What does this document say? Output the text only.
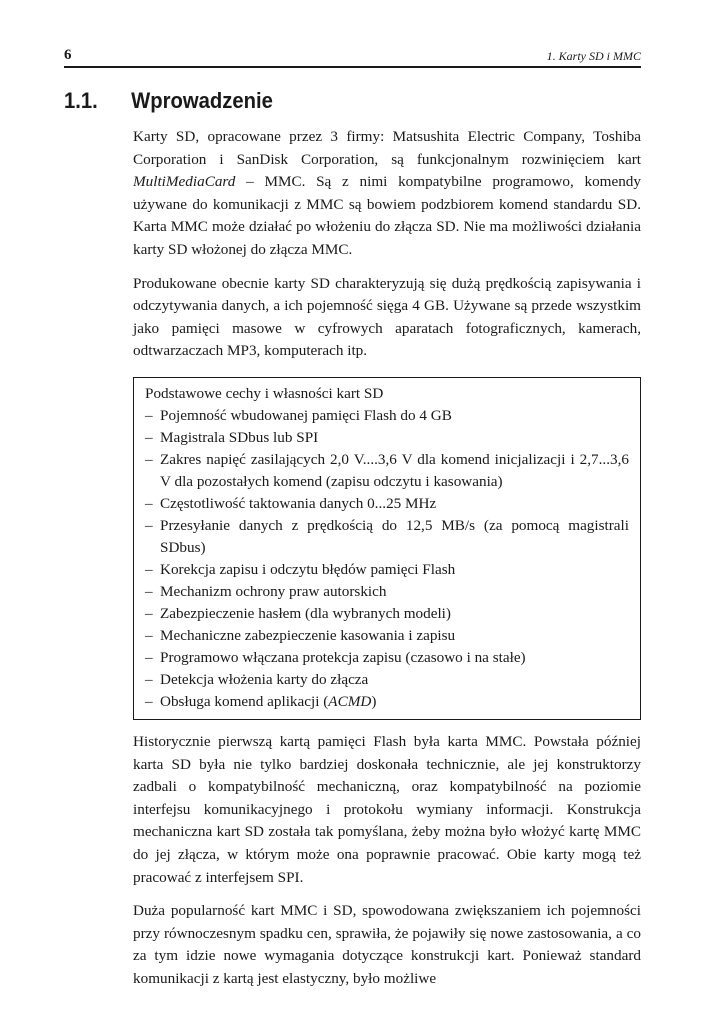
6	1. Karty SD i MMC
1.1.	Wprowadzenie

Karty SD, opracowane przez 3 firmy: Matsushita Electric Company, Toshiba Corporation i SanDisk Corporation, są funkcjonalnym rozwinięciem kart MultiMediaCard – MMC. Są z nimi kompatybilne programowo, komendy używane do komunikacji z MMC są bowiem podzbiorem komend standardu SD. Karta MMC może działać po włożeniu do złącza SD. Nie ma możliwości działania karty SD włożonej do złącza MMC.

Produkowane obecnie karty SD charakteryzują się dużą prędkością zapisywania i odczytywania danych, a ich pojemność sięga 4 GB. Używane są przede wszystkim jako pamięci masowe w cyfrowych aparatach fotograficznych, kamerach, odtwarzaczach MP3, komputerach itp.

Podstawowe cechy i własności kart SD
– Pojemność wbudowanej pamięci Flash do 4 GB
– Magistrala SDbus lub SPI
– Zakres napięć zasilających 2,0 V....3,6 V dla komend inicjalizacji i 2,7...3,6 V dla pozostałych komend (zapisu odczytu i kasowania)
– Częstotliwość taktowania danych 0...25 MHz
– Przesyłanie danych z prędkością do 12,5 MB/s (za pomocą magistrali SDbus)
– Korekcja zapisu i odczytu błędów pamięci Flash
– Mechanizm ochrony praw autorskich
– Zabezpieczenie hasłem (dla wybranych modeli)
– Mechaniczne zabezpieczenie kasowania i zapisu
– Programowo włączana protekcja zapisu (czasowo i na stałe)
– Detekcja włożenia karty do złącza
– Obsługa komend aplikacji (ACMD)

Historycznie pierwszą kartą pamięci Flash była karta MMC. Powstała później karta SD była nie tylko bardziej doskonała technicznie, ale jej konstruktorzy zadbali o kompatybilność mechaniczną, oraz kompatybilność na poziomie interfejsu komunikacyjnego i protokołu wymiany informacji. Konstrukcja mechaniczna kart SD została tak pomyślana, żeby można było włożyć kartę MMC do jej złącza, w którym może ona poprawnie pracować. Obie karty mogą też pracować z interfejsem SPI.

Duża popularność kart MMC i SD, spowodowana zwiększaniem ich pojemności przy równoczesnym spadku cen, sprawiła, że pojawiły się nowe zastosowania, a co za tym idzie nowe wymagania dotyczące konstrukcji kart. Ponieważ standard komunikacji z kartą jest elastyczny, było możliwe
